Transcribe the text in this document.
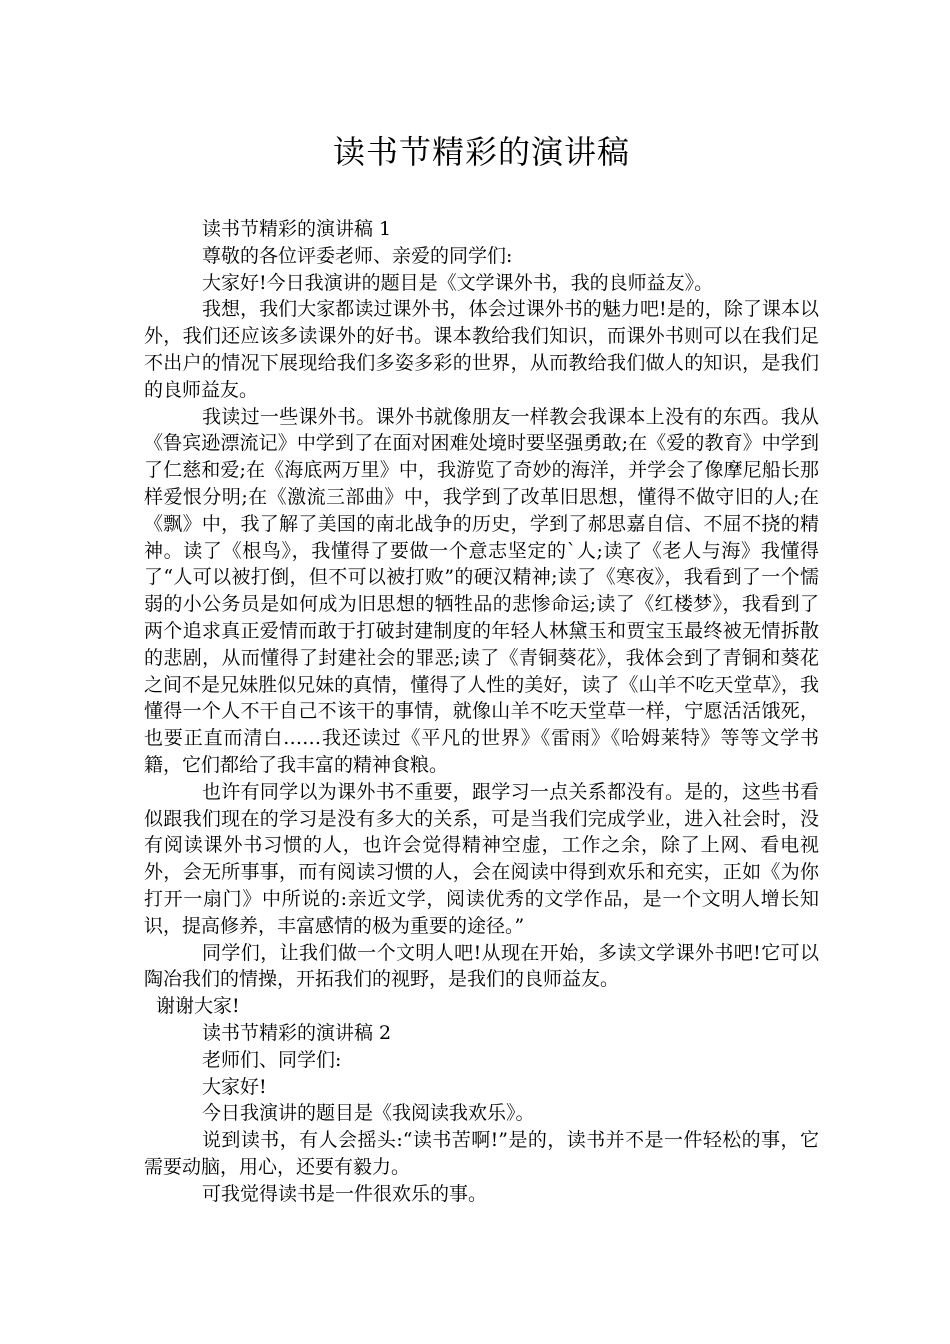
读书节精彩的演讲稿

读书节精彩的演讲稿 1

尊敬的各位评委老师、亲爱的同学们:

大家好!今日我演讲的题目是《文学课外书，我的良师益友》。

我想，我们大家都读过课外书，体会过课外书的魅力吧!是的，除了课本以外，我们还应该多读课外的好书。课本教给我们知识，而课外书则可以在我们足不出户的情况下展现给我们多姿多彩的世界，从而教给我们做人的知识，是我们的良师益友。

我读过一些课外书。课外书就像朋友一样教会我课本上没有的东西。我从《鲁宾逊漂流记》中学到了在面对困难处境时要坚强勇敢;在《爱的教育》中学到了仁慈和爱;在《海底两万里》中，我游览了奇妙的海洋，并学会了像摩尼船长那样爱恨分明;在《激流三部曲》中，我学到了改革旧思想，懂得不做守旧的人;在《飘》中，我了解了美国的南北战争的历史，学到了郝思嘉自信、不屈不挠的精神。读了《根鸟》，我懂得了要做一个意志坚定的`人;读了《老人与海》我懂得了“人可以被打倒，但不可以被打败”的硬汉精神;读了《寒夜》，我看到了一个懦弱的小公务员是如何成为旧思想的牺牲品的悲惨命运;读了《红楼梦》，我看到了两个追求真正爱情而敢于打破封建制度的年轻人林黛玉和贾宝玉最终被无情拆散的悲剧，从而懂得了封建社会的罪恶;读了《青铜葵花》，我体会到了青铜和葵花之间不是兄妹胜似兄妹的真情，懂得了人性的美好，读了《山羊不吃天堂草》，我懂得一个人不干自己不该干的事情，就像山羊不吃天堂草一样，宁愿活活饿死，也要正直而清白……我还读过《平凡的世界》《雷雨》《哈姆莱特》等等文学书籍，它们都给了我丰富的精神食粮。

也许有同学以为课外书不重要，跟学习一点关系都没有。是的，这些书看似跟我们现在的学习是没有多大的关系，可是当我们完成学业，进入社会时，没有阅读课外书习惯的人，也许会觉得精神空虚，工作之余，除了上网、看电视外，会无所事事，而有阅读习惯的人，会在阅读中得到欢乐和充实，正如《为你打开一扇门》中所说的:亲近文学，阅读优秀的文学作品，是一个文明人增长知识，提高修养，丰富感情的极为重要的途径。”

同学们，让我们做一个文明人吧!从现在开始，多读文学课外书吧!它可以陶冶我们的情操，开拓我们的视野，是我们的良师益友。

谢谢大家!

读书节精彩的演讲稿 2

老师们、同学们:

大家好!

今日我演讲的题目是《我阅读我欢乐》。

说到读书，有人会摇头:“读书苦啊!”是的，读书并不是一件轻松的事，它需要动脑，用心，还要有毅力。

可我觉得读书是一件很欢乐的事。
